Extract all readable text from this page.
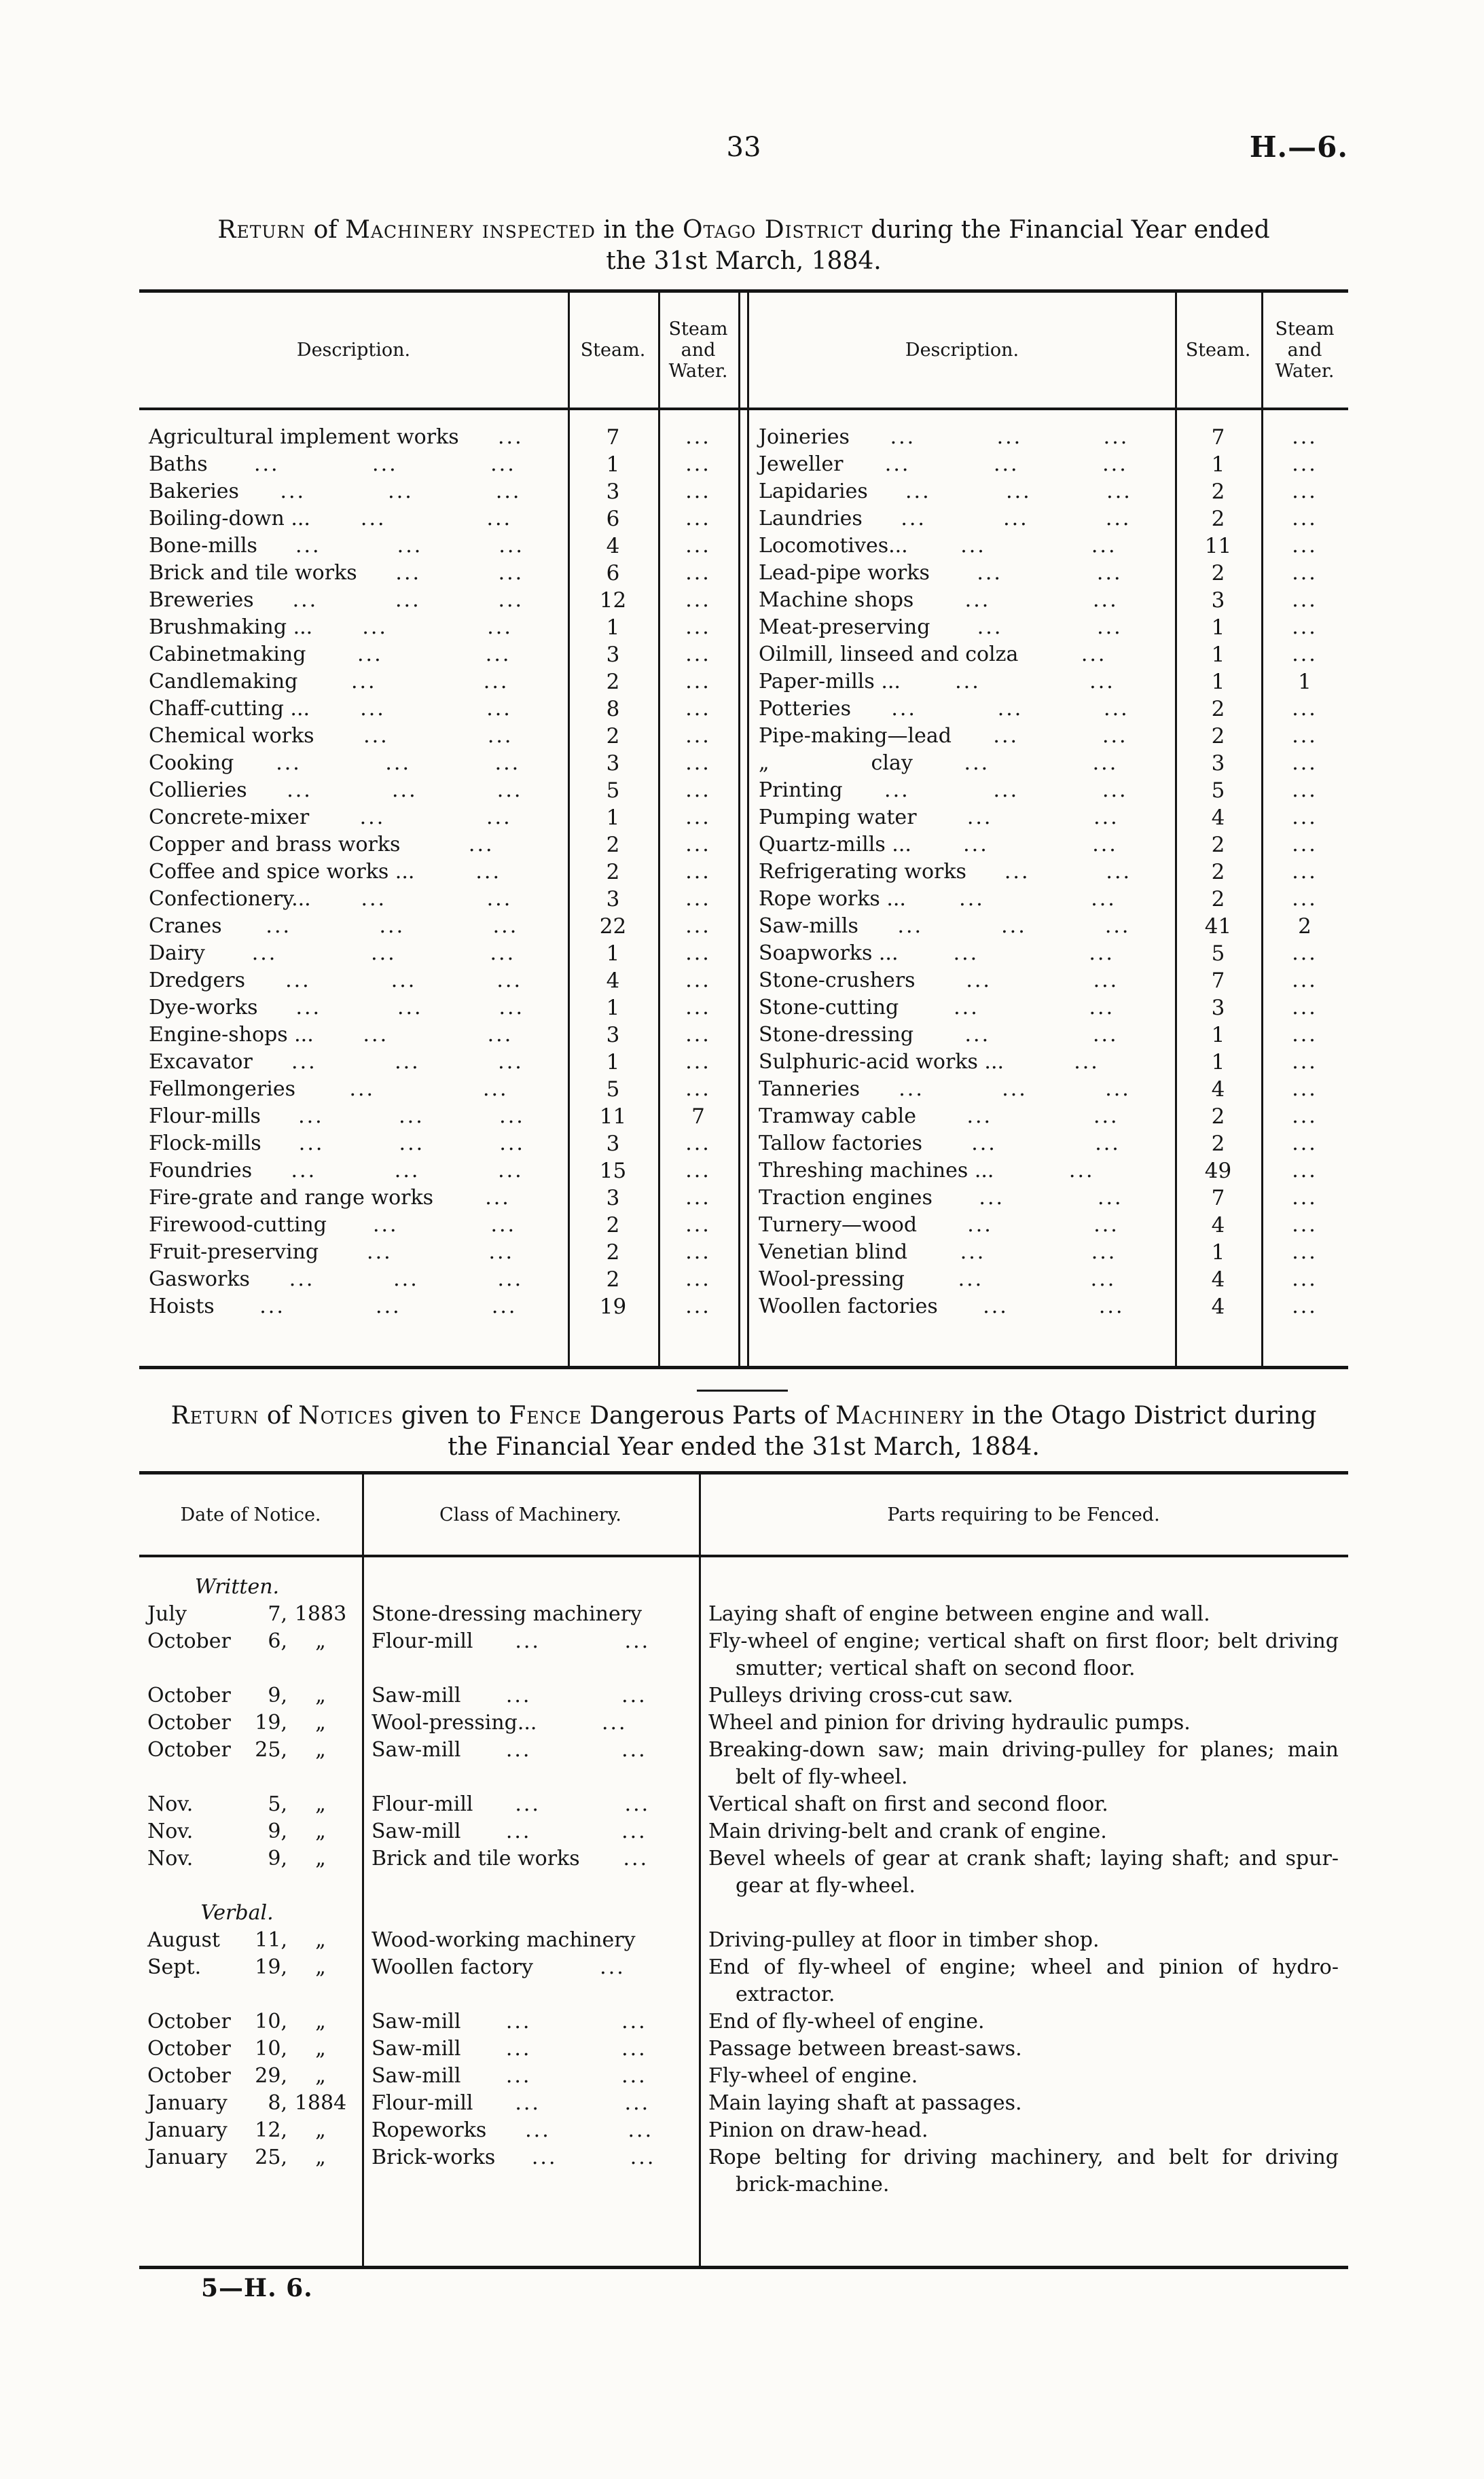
33	H.—6.
Return of Machinery inspected in the Otago District during the Financial Year ended
the 31st March, 1884.
Description.	Steam.
Steam and Water.
Description.	Steam.
Steam and Water.
Agricultural implement works	...	7	...
Baths	...	...	...	1	...
Bakeries	...	...	...	3	...
Boiling-down ...	...	...	6	...
Bone-mills	...	...	...	4	...
Brick and tile works	...	...	6	...
Breweries	...	...	...	12	...
Brushmaking ...	...	...	1	...
Cabinetmaking	...	...	3	...
Candlemaking	...	...	2	...
Chaff-cutting ...	...	...	8	...
Chemical works	...	...	2	...
Cooking	...	...	...	3	...
Collieries	...	...	...	5	...
Concrete-mixer	...	...	1	...
Copper and brass works	...	2	...
Coffee and spice works ...	...	2	...
Confectionery...	...	...	3	...
Cranes	...	...	...	22	...
Dairy	...	...	...	1	...
Dredgers	...	...	...	4	...
Dye-works	...	...	...	1	...
Engine-shops ...	...	...	3	...
Excavator	...	...	...	1	...
Fellmongeries	...	...	5	...
Flour-mills	...	...	...	11	7
Flock-mills	...	...	...	3	...
Foundries	...	...	...	15	...
Fire-grate and range works	...	3	...
Firewood-cutting	...	...	2	...
Fruit-preserving	...	...	2	...
Gasworks	...	...	...	2	...
Hoists	...	...	...	19	...
Joineries	...	...	...	7	...
Jeweller	...	...	...	1	...
Lapidaries	...	...	...	2	...
Laundries	...	...	...	2	...
Locomotives...	...	...	11	...
Lead-pipe works	...	...	2	...
Machine shops	...	...	3	...
Meat-preserving	...	...	1	...
Oilmill, linseed and colza	...	1	...
Paper-mills ...	...	...	1	1
Potteries	...	...	...	2	...
Pipe-making—lead	...	...	2	...
„     clay	...	...	3	...
Printing	...	...	...	5	...
Pumping water	...	...	4	...
Quartz-mills ...	...	...	2	...
Refrigerating works	...	...	2	...
Rope works ...	...	...	2	...
Saw-mills	...	...	...	41	2
Soapworks ...	...	...	5	...
Stone-crushers	...	...	7	...
Stone-cutting	...	...	3	...
Stone-dressing	...	...	1	...
Sulphuric-acid works ...	...	1	...
Tanneries	...	...	...	4	...
Tramway cable	...	...	2	...
Tallow factories	...	...	2	...
Threshing machines ...	...	49	...
Traction engines	...	...	7	...
Turnery—wood	...	...	4	...
Venetian blind	...	...	1	...
Wool-pressing	...	...	4	...
Woollen factories	...	...	4	...
Return of Notices given to Fence Dangerous Parts of Machinery in the Otago District during
the Financial Year ended the 31st March, 1884.
Date of Notice.	Class of Machinery.	Parts requiring to be Fenced.
Written.
July	7, 1883	Stone-dressing machinery	Laying shaft of engine between engine and wall.
October	6,	„	Flour-mill	...	...	Fly-wheel of engine; vertical shaft on first floor; belt driving smutter; vertical shaft on second floor.
October	9,	„	Saw-mill	...	...	Pulleys driving cross-cut saw.
October 19,	„	Wool-pressing...	...	Wheel and pinion for driving hydraulic pumps.
October 25,	„	Saw-mill	...	...	Breaking-down saw; main driving-pulley for planes; main belt of fly-wheel.
Nov.	5,	„	Flour-mill	...	...	Vertical shaft on first and second floor.
Nov.	9,	„	Saw-mill	...	...	Main driving-belt and crank of engine.
Nov.	9,	„	Brick and tile works	...	Bevel wheels of gear at crank shaft; laying shaft; and spur-gear at fly-wheel.
Verbal.
August 11,	„	Wood-working machinery	Driving-pulley at floor in timber shop.
Sept.	19,	„	Woollen factory	...	End of fly-wheel of engine; wheel and pinion of hydro-extractor.
October 10,	„	Saw-mill	...	...	End of fly-wheel of engine.
October 10,	„	Saw-mill	...	...	Passage between breast-saws.
October 29,	„	Saw-mill	...	...	Fly-wheel of engine.
January	8, 1884	Flour-mill	...	...	Main laying shaft at passages.
January 12,	„	Ropeworks	...	...	Pinion on draw-head.
January 25,	„	Brick-works	...	...	Rope belting for driving machinery, and belt for driving brick-machine.
5—H. 6.
